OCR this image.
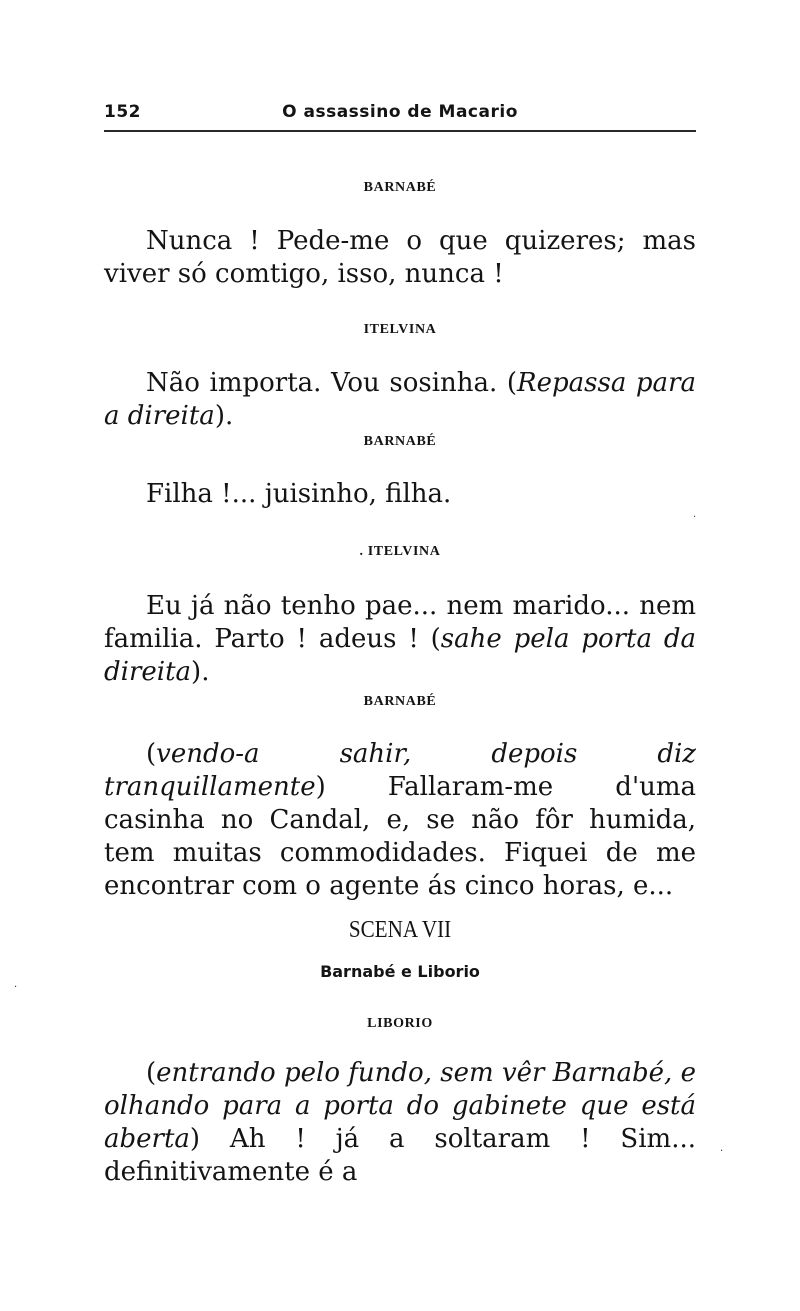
152	O assassino de Macario
BARNABÉ

Nunca ! Pede-me o que quizeres; mas viver só comtigo, isso, nunca !

ITELVINA

Não importa. Vou sosinha. (Repassa para a direita).

BARNABÉ

Filha !... juisinho, filha.

. ITELVINA

Eu já não tenho pae... nem marido... nem familia. Parto ! adeus ! (sahe pela porta da direita).

BARNABÉ

(vendo-a sahir, depois diz tranquillamente) Fallaram-me d'uma casinha no Candal, e, se não fôr humida, tem muitas commodidades. Fiquei de me encontrar com o agente ás cinco horas, e...

SCENA VII
Barnabé e Liborio
LIBORIO

(entrando pelo fundo, sem vêr Barnabé, e olhando para a porta do gabinete que está aberta) Ah ! já a soltaram ! Sim... definitivamente é a

·
·
·
